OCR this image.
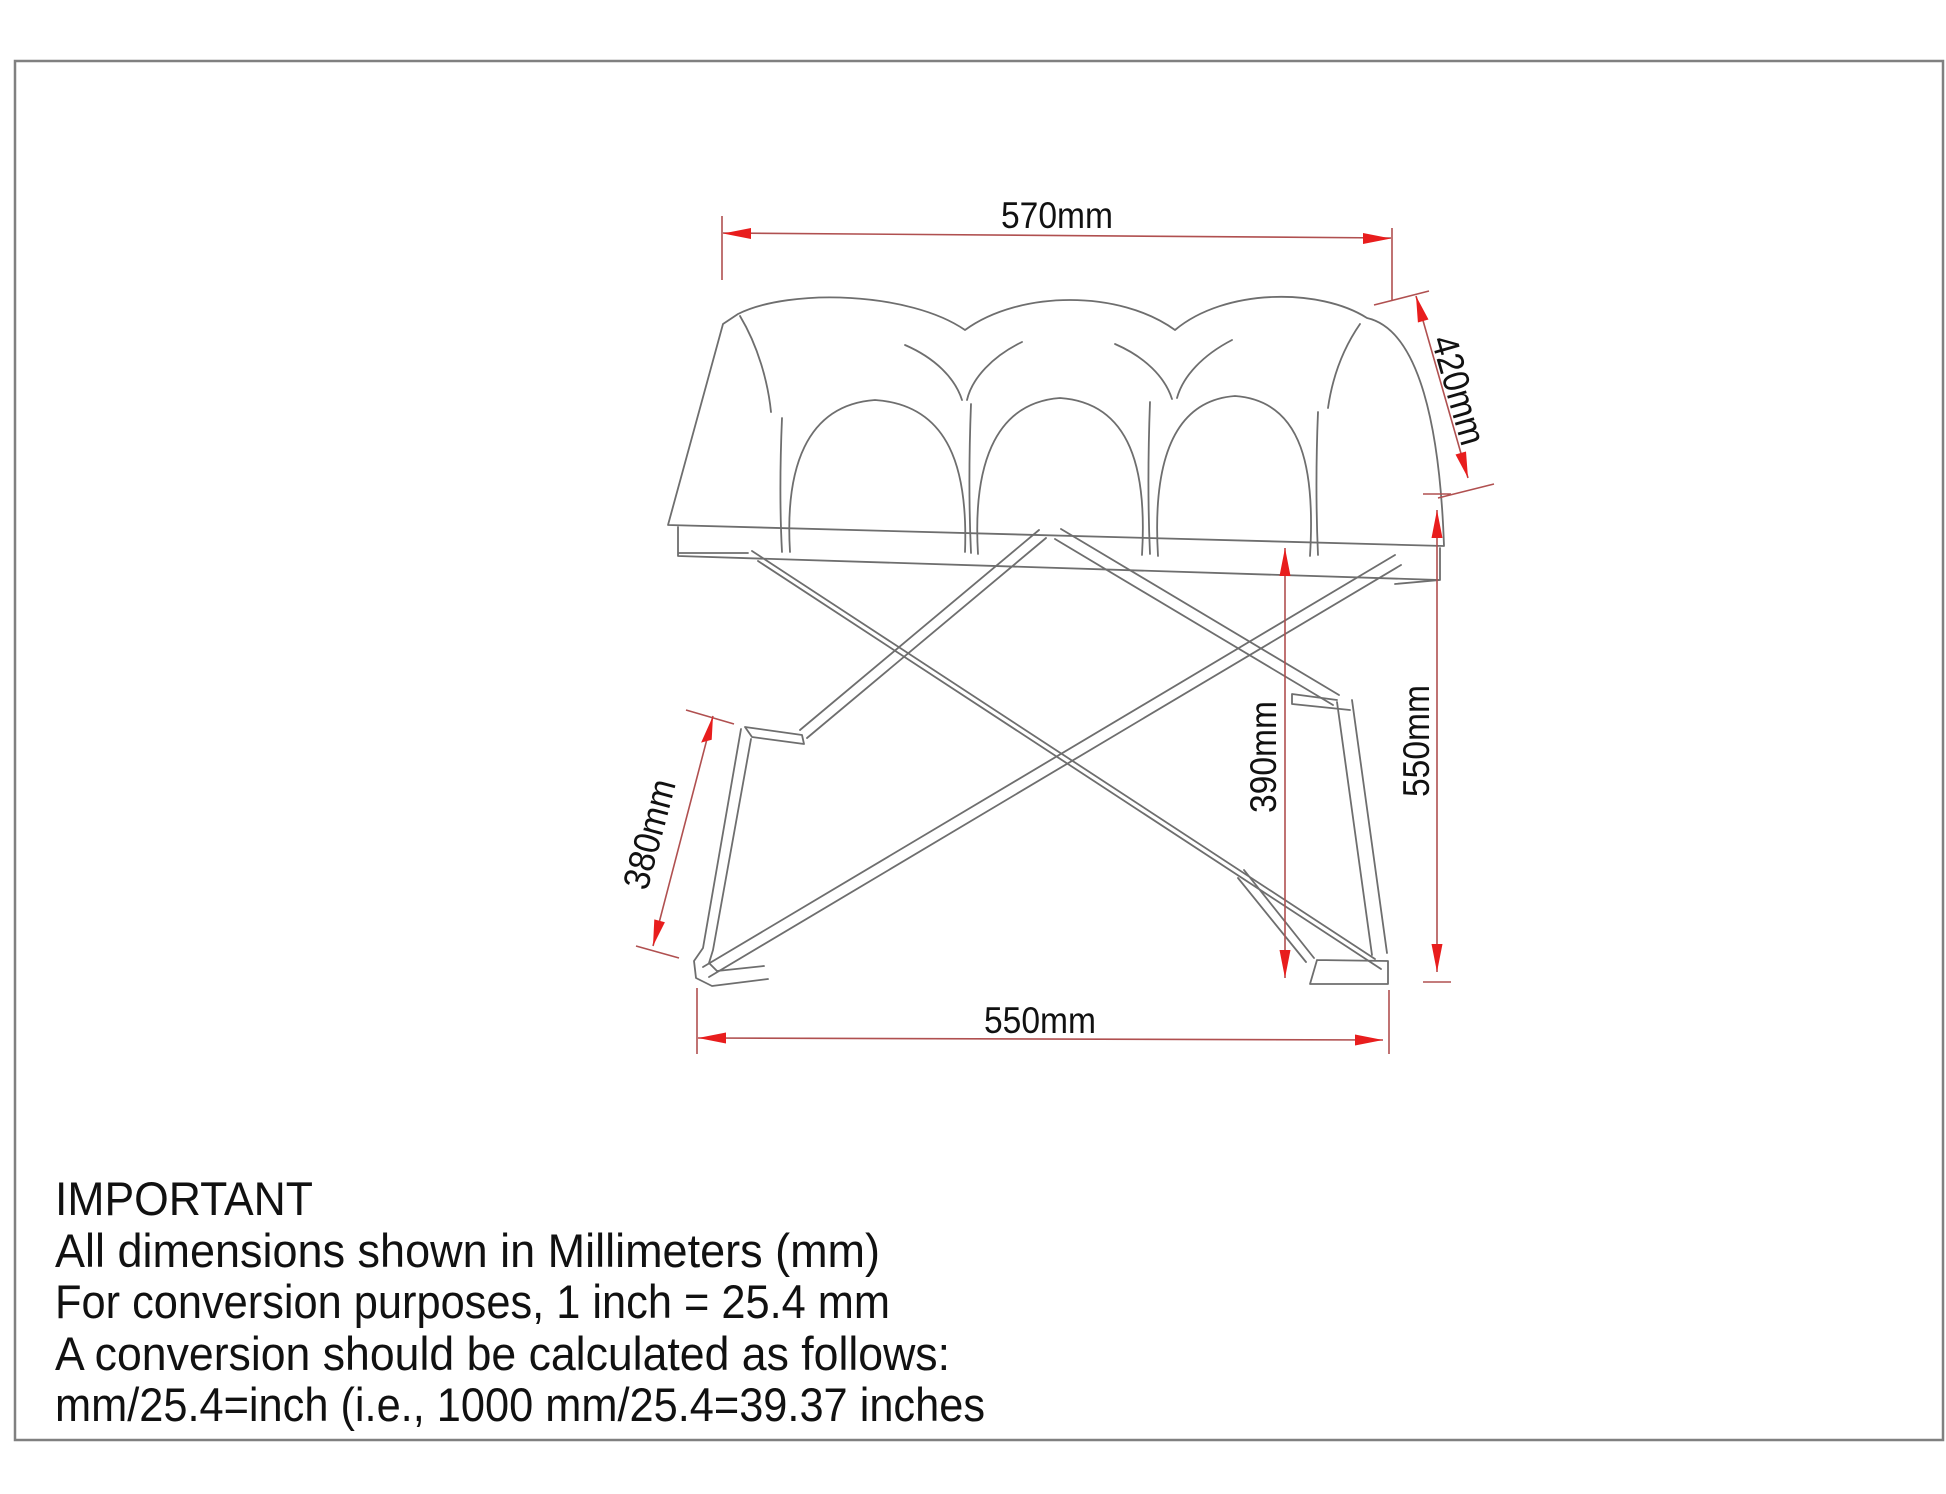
570mm
420mm
550mm
390mm
380mm
550mm
IMPORTANT
All dimensions shown in Millimeters (mm)
For conversion purposes, 1 inch = 25.4 mm
A conversion should be calculated as follows:
mm/25.4=inch (i.e., 1000 mm/25.4=39.37 inches
